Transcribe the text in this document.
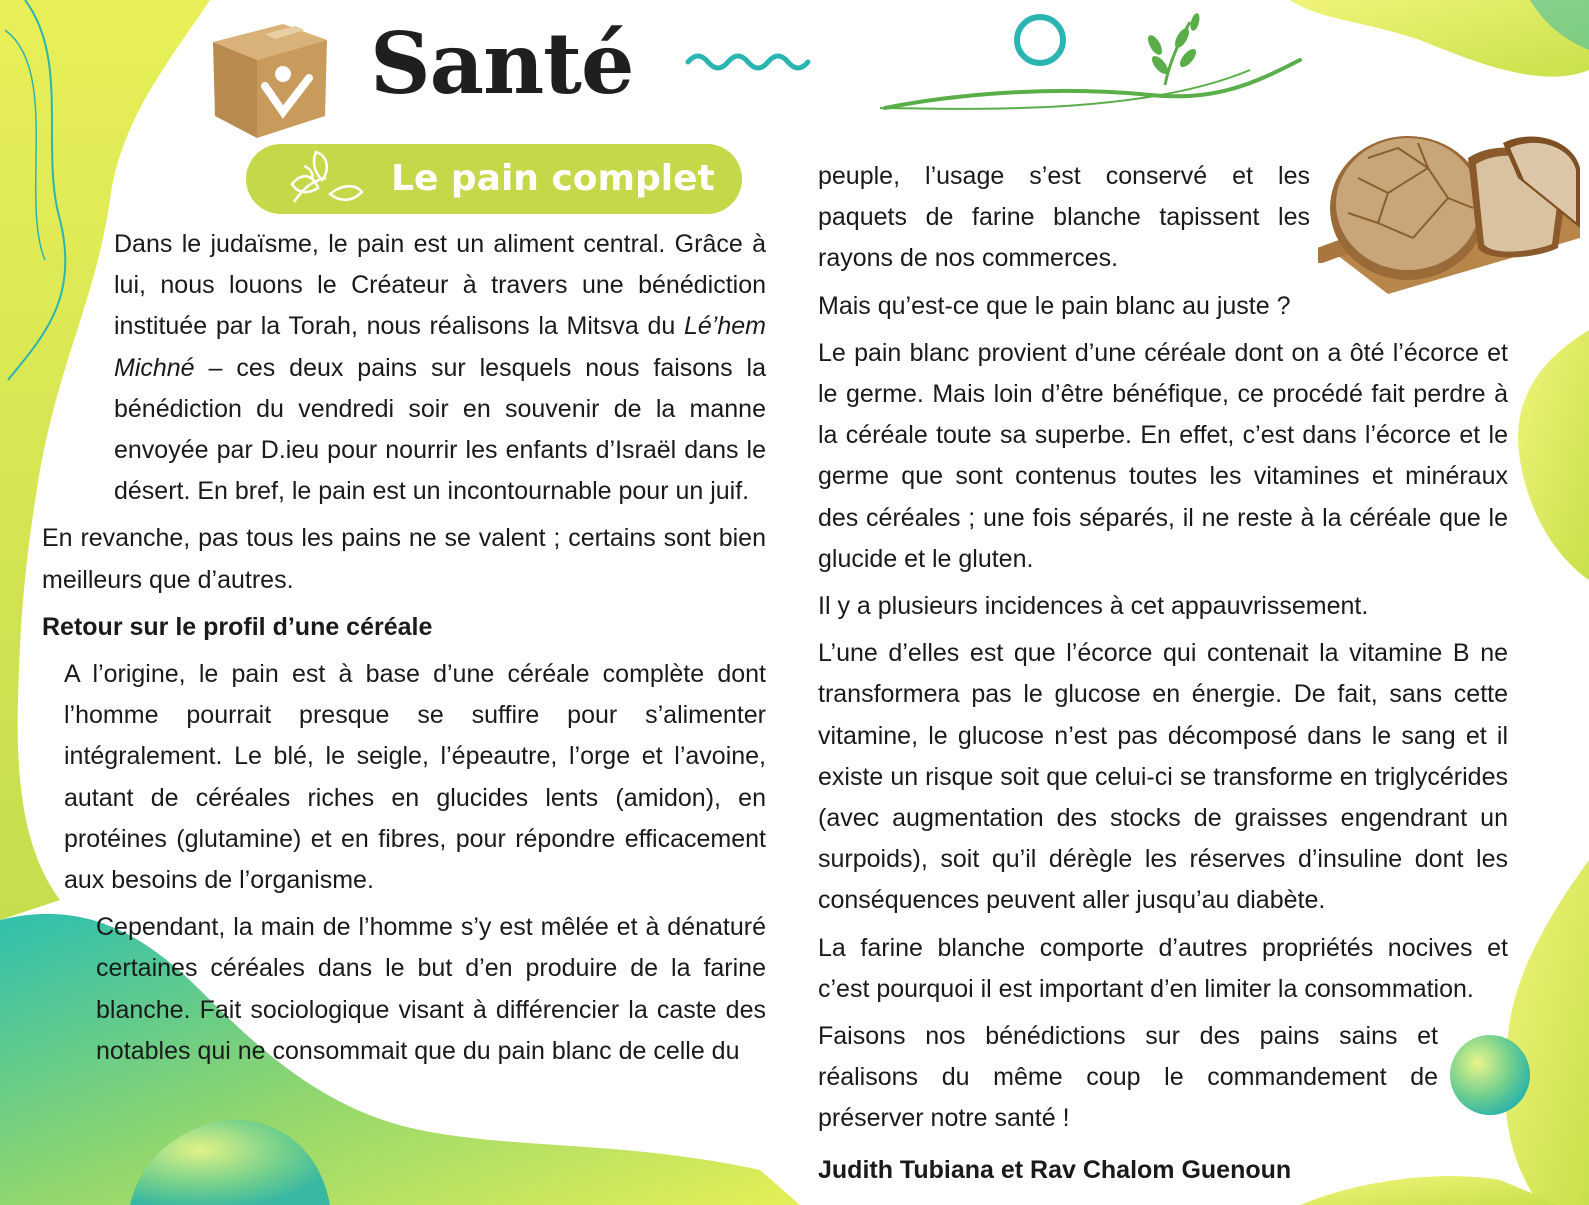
Santé
Le pain complet

Dans le judaïsme, le pain est un aliment central. Grâce à lui, nous louons le Créateur à travers une bénédiction instituée par la Torah, nous réalisons la Mitsva du Lé’hem Michné – ces deux pains sur lesquels nous faisons la bénédiction du vendredi soir en souvenir de la manne envoyée par D.ieu pour nourrir les enfants d’Israël dans le désert. En bref, le pain est un incontournable pour un juif.

En revanche, pas tous les pains ne se valent ; certains sont bien meilleurs que d’autres.

Retour sur le profil d’une céréale

A l’origine, le pain est à base d’une céréale complète dont l’homme pourrait presque se suffire pour s’alimenter intégralement. Le blé, le seigle, l’épeautre, l’orge et l’avoine, autant de céréales riches en glucides lents (amidon), en protéines (glutamine) et en fibres, pour répondre efficacement aux besoins de l’organisme.

Cependant, la main de l’homme s’y est mêlée et à dénaturé certaines céréales dans le but d’en produire de la farine blanche. Fait sociologique visant à différencier la caste des notables qui ne consommait que du pain blanc de celle du

peuple, l’usage s’est conservé et les paquets de farine blanche tapissent les rayons de nos commerces.

Mais qu’est-ce que le pain blanc au juste ?

Le pain blanc provient d’une céréale dont on a ôté l’écorce et le germe. Mais loin d’être bénéfique, ce procédé fait perdre à la céréale toute sa superbe. En effet, c’est dans l’écorce et le germe que sont contenus toutes les vitamines et minéraux des céréales ; une fois séparés, il ne reste à la céréale que le glucide et le gluten.

Il y a plusieurs incidences à cet appauvrissement.

L’une d’elles est que l’écorce qui contenait la vitamine B ne transformera pas le glucose en énergie. De fait, sans cette vitamine, le glucose n’est pas décomposé dans le sang et il existe un risque soit que celui-ci se transforme en triglycérides (avec augmentation des stocks de graisses engendrant un surpoids), soit qu’il dérègle les réserves d’insuline dont les conséquences peuvent aller jusqu’au diabète.

La farine blanche comporte d’autres propriétés nocives et c’est pourquoi il est important d’en limiter la consommation.

Faisons nos bénédictions sur des pains sains et réalisons du même coup le commandement de préserver notre santé !

Judith Tubiana et Rav Chalom Guenoun
